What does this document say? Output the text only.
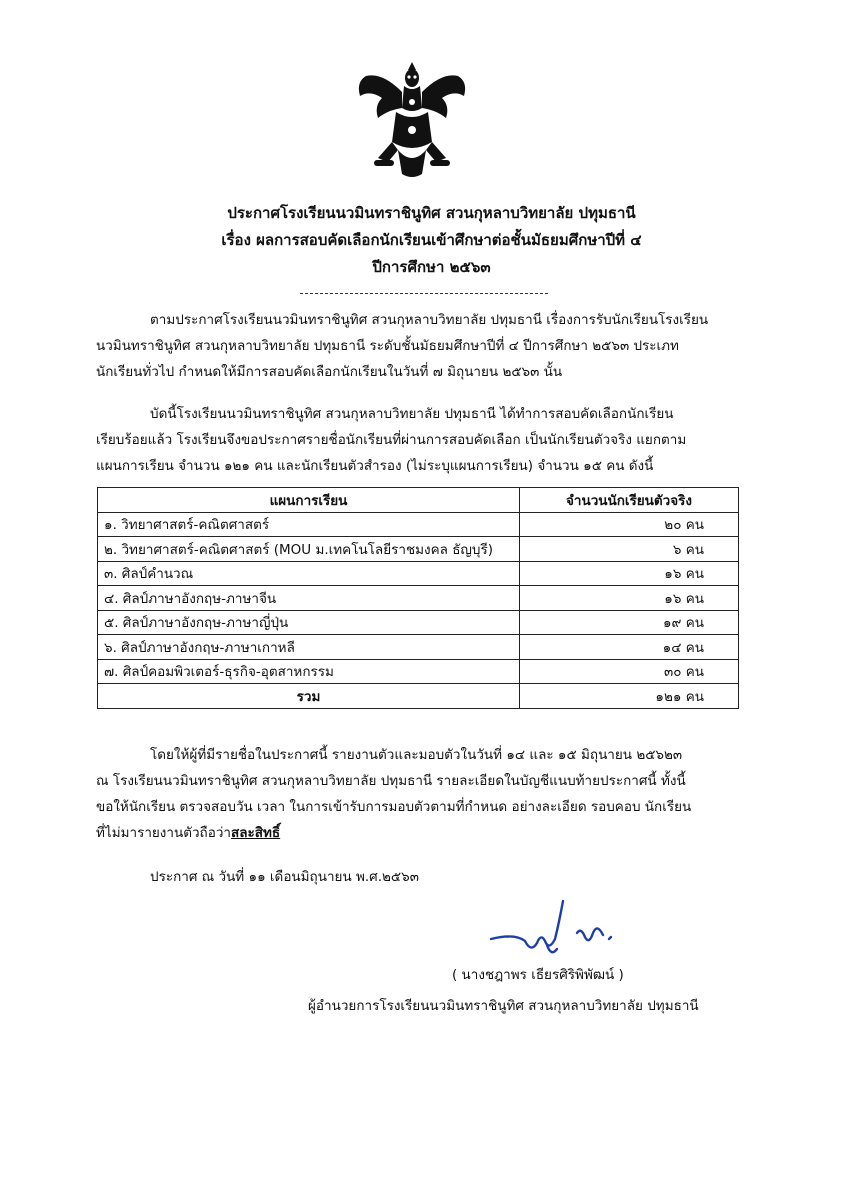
ประกาศโรงเรียนนวมินทราชินูทิศ สวนกุหลาบวิทยาลัย ปทุมธานี
เรื่อง ผลการสอบคัดเลือกนักเรียนเข้าศึกษาต่อชั้นมัธยมศึกษาปีที่ ๔
ปีการศึกษา ๒๕๖๓
ตามประกาศโรงเรียนนวมินทราชินูทิศ สวนกุหลาบวิทยาลัย ปทุมธานี เรื่องการรับนักเรียนโรงเรียน
นวมินทราชินูทิศ สวนกุหลาบวิทยาลัย ปทุมธานี ระดับชั้นมัธยมศึกษาปีที่ ๔ ปีการศึกษา ๒๕๖๓ ประเภท
นักเรียนทั่วไป กำหนดให้มีการสอบคัดเลือกนักเรียนในวันที่ ๗ มิถุนายน ๒๕๖๓ นั้น
บัดนี้โรงเรียนนวมินทราชินูทิศ สวนกุหลาบวิทยาลัย ปทุมธานี ได้ทำการสอบคัดเลือกนักเรียน
เรียบร้อยแล้ว โรงเรียนจึงขอประกาศรายชื่อนักเรียนที่ผ่านการสอบคัดเลือก เป็นนักเรียนตัวจริง แยกตาม
แผนการเรียน จำนวน ๑๒๑ คน และนักเรียนตัวสำรอง (ไม่ระบุแผนการเรียน) จำนวน ๑๕ คน ดังนี้
แผนการเรียน	จำนวนนักเรียนตัวจริง
๑. วิทยาศาสตร์-คณิตศาสตร์	๒๐ คน
๒. วิทยาศาสตร์-คณิตศาสตร์ (MOU ม.เทคโนโลยีราชมงคล ธัญบุรี)	๖ คน
๓. ศิลป์คำนวณ	๑๖ คน
๔. ศิลป์ภาษาอังกฤษ-ภาษาจีน	๑๖ คน
๕. ศิลป์ภาษาอังกฤษ-ภาษาญี่ปุ่น	๑๙ คน
๖. ศิลป์ภาษาอังกฤษ-ภาษาเกาหลี	๑๔ คน
๗. ศิลป์คอมพิวเตอร์-ธุรกิจ-อุตสาหกรรม	๓๐ คน
รวม	๑๒๑ คน
โดยให้ผู้ที่มีรายชื่อในประกาศนี้ รายงานตัวและมอบตัวในวันที่ ๑๔ และ ๑๕ มิถุนายน ๒๕๖๒๓
ณ โรงเรียนนวมินทราชินูทิศ สวนกุหลาบวิทยาลัย ปทุมธานี รายละเอียดในบัญชีแนบท้ายประกาศนี้ ทั้งนี้
ขอให้นักเรียน ตรวจสอบวัน เวลา ในการเข้ารับการมอบตัวตามที่กำหนด อย่างละเอียด รอบคอบ นักเรียน
ที่ไม่มารายงานตัวถือว่าสละสิทธิ์
ประกาศ ณ วันที่ ๑๑ เดือนมิถุนายน พ.ศ.๒๕๖๓
( นางชฎาพร เธียรศิริพิพัฒน์ )
ผู้อำนวยการโรงเรียนนวมินทราชินูทิศ สวนกุหลาบวิทยาลัย ปทุมธานี
